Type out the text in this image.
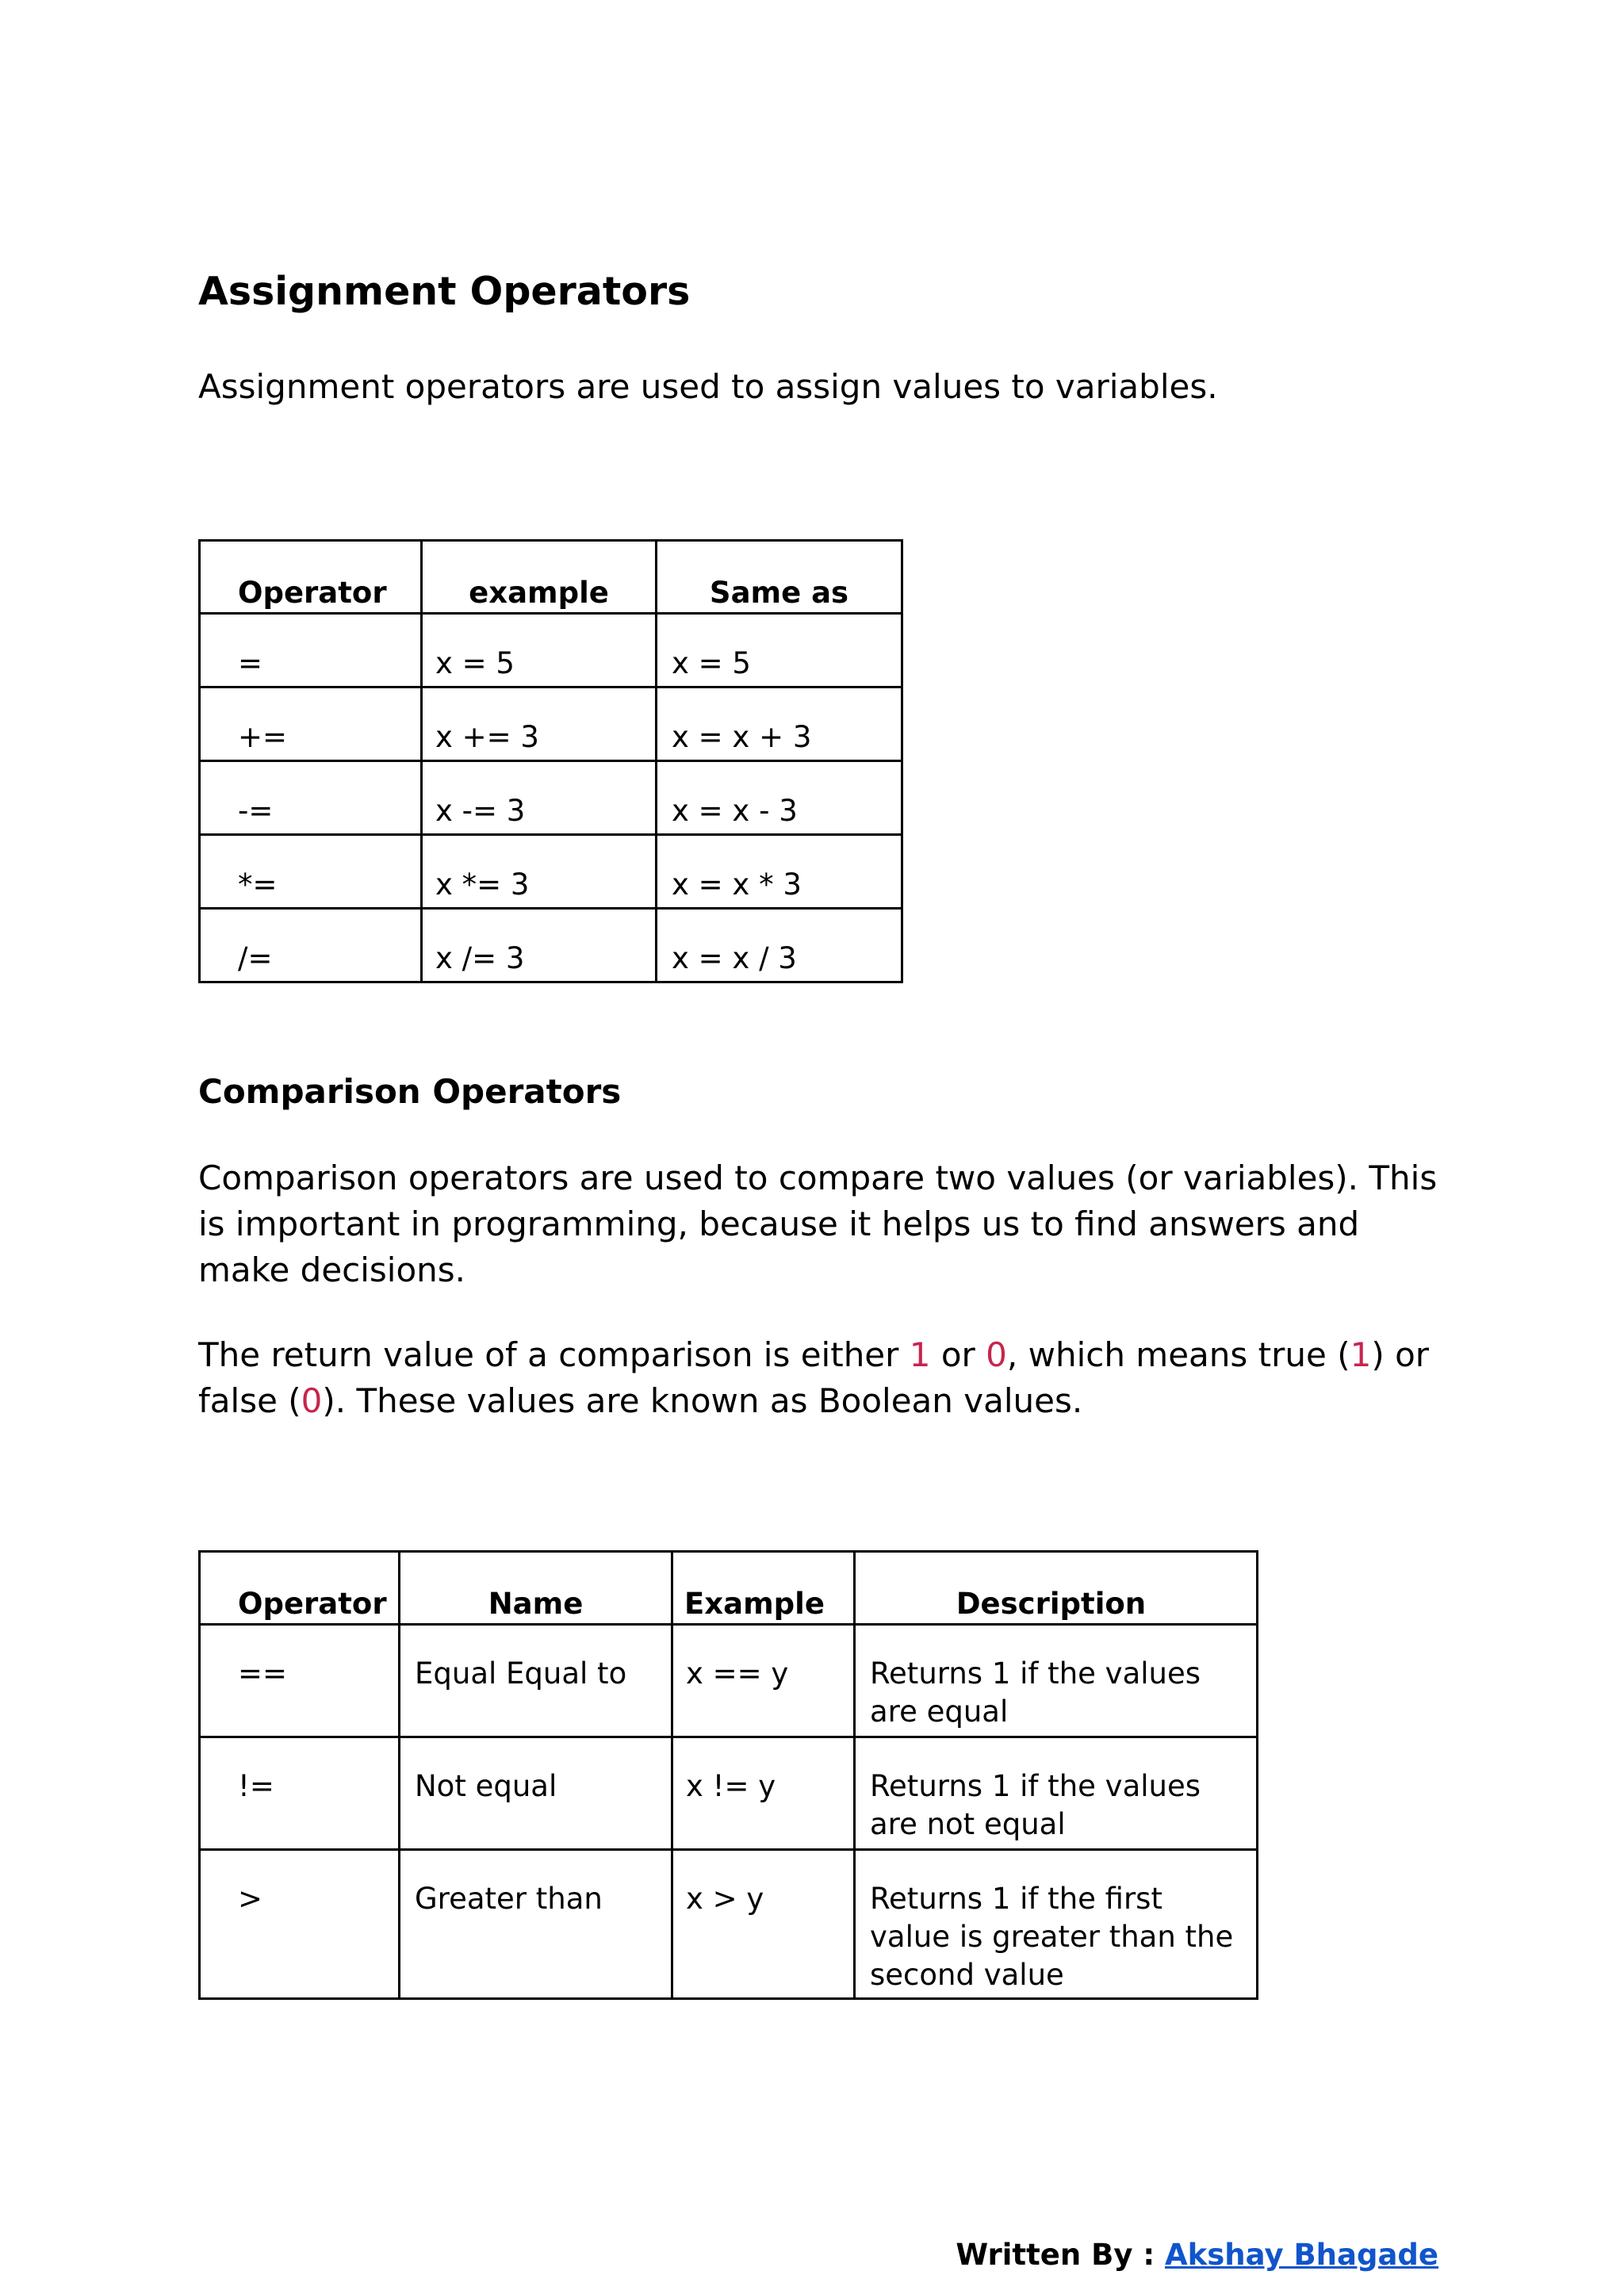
Assignment Operators

Assignment operators are used to assign values to variables.

Operator	example	Same as
=	x = 5	x = 5
+=	x += 3	x = x + 3
-=	x -= 3	x = x - 3
*=	x *= 3	x = x * 3
/=	x /= 3	x = x / 3
Comparison Operators

Comparison operators are used to compare two values (or variables). This is important in programming, because it helps us to find answers and make decisions.

The return value of a comparison is either 1 or 0, which means true (1) or false (0). These values are known as Boolean values.

Operator	Name	Example	Description
==	Equal Equal to	x == y	Returns 1 if the values are equal
!=	Not equal	x != y	Returns 1 if the values are not equal
>	Greater than	x > y	Returns 1 if the first value is greater than the second value
Written By : Akshay Bhagade
